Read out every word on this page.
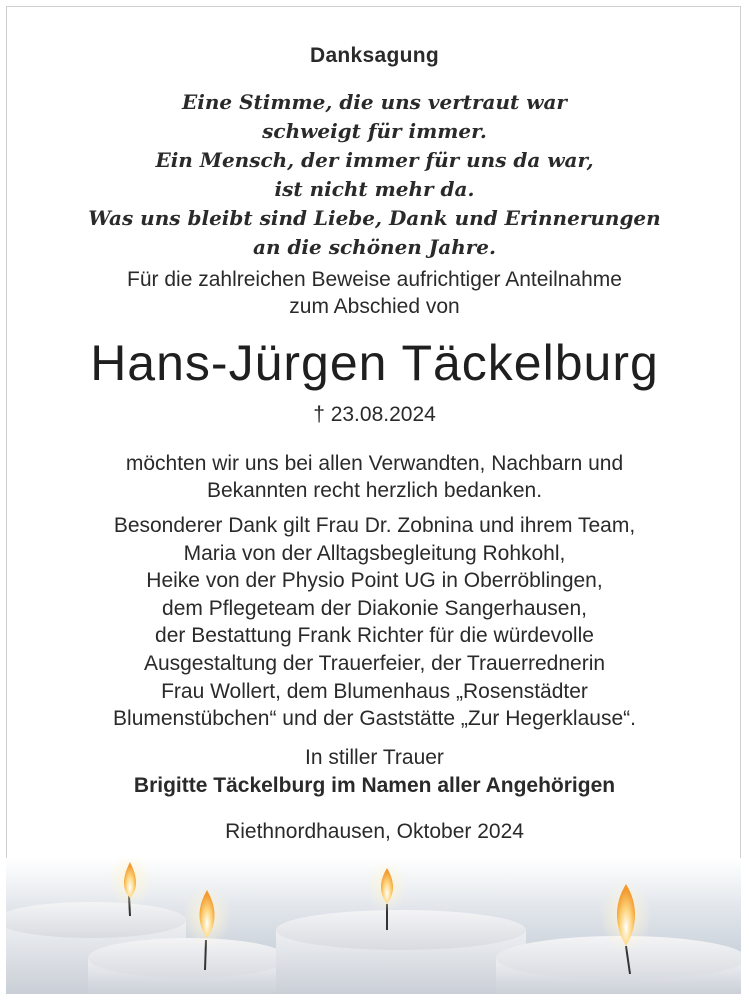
Danksagung
Eine Stimme, die uns vertraut war
schweigt für immer.
Ein Mensch, der immer für uns da war,
ist nicht mehr da.
Was uns bleibt sind Liebe, Dank und Erinnerungen
an die schönen Jahre.
Für die zahlreichen Beweise aufrichtiger Anteilnahme
zum Abschied von
Hans-Jürgen Täckelburg
† 23.08.2024
möchten wir uns bei allen Verwandten, Nachbarn und
Bekannten recht herzlich bedanken.
Besonderer Dank gilt Frau Dr. Zobnina und ihrem Team,
Maria von der Alltagsbegleitung Rohkohl,
Heike von der Physio Point UG in Oberröblingen,
dem Pflegeteam der Diakonie Sangerhausen,
der Bestattung Frank Richter für die würdevolle
Ausgestaltung der Trauerfeier, der Trauerrednerin
Frau Wollert, dem Blumenhaus „Rosenstädter
Blumenstübchen“ und der Gaststätte „Zur Hegerklause“.
In stiller Trauer
Brigitte Täckelburg im Namen aller Angehörigen
Riethnordhausen, Oktober 2024
